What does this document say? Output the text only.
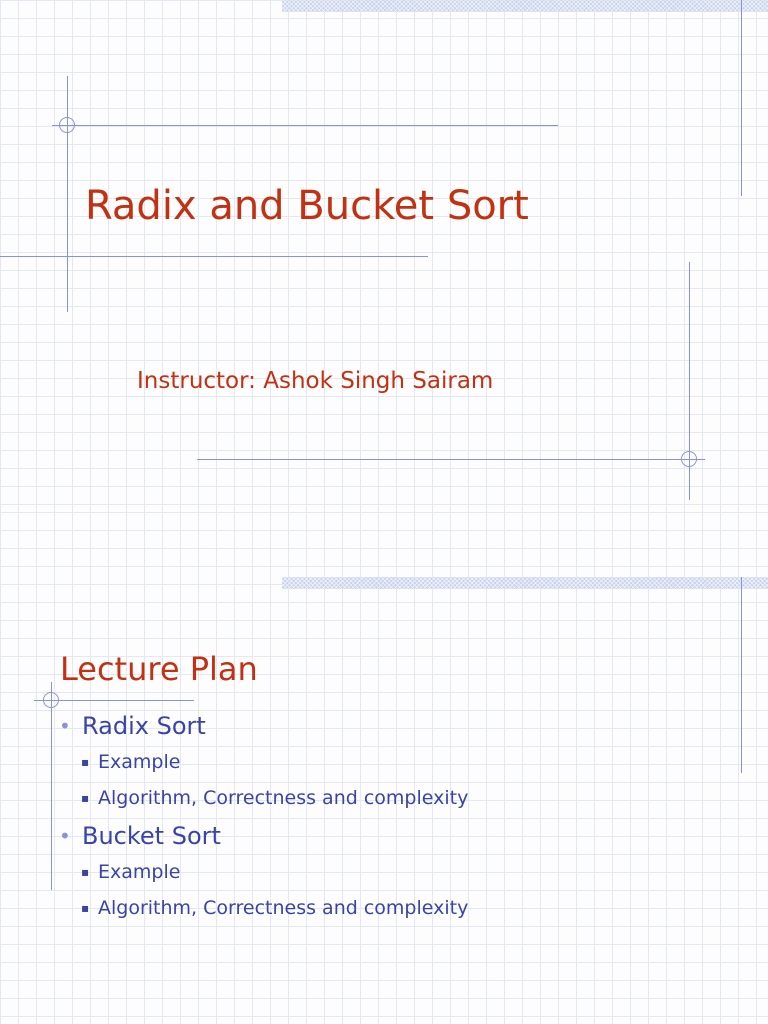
Radix and Bucket Sort

Instructor: Ashok Singh Sairam

Lecture Plan
• Radix Sort
▪ Example
▪ Algorithm, Correctness and complexity
• Bucket Sort
▪ Example
▪ Algorithm, Correctness and complexity
